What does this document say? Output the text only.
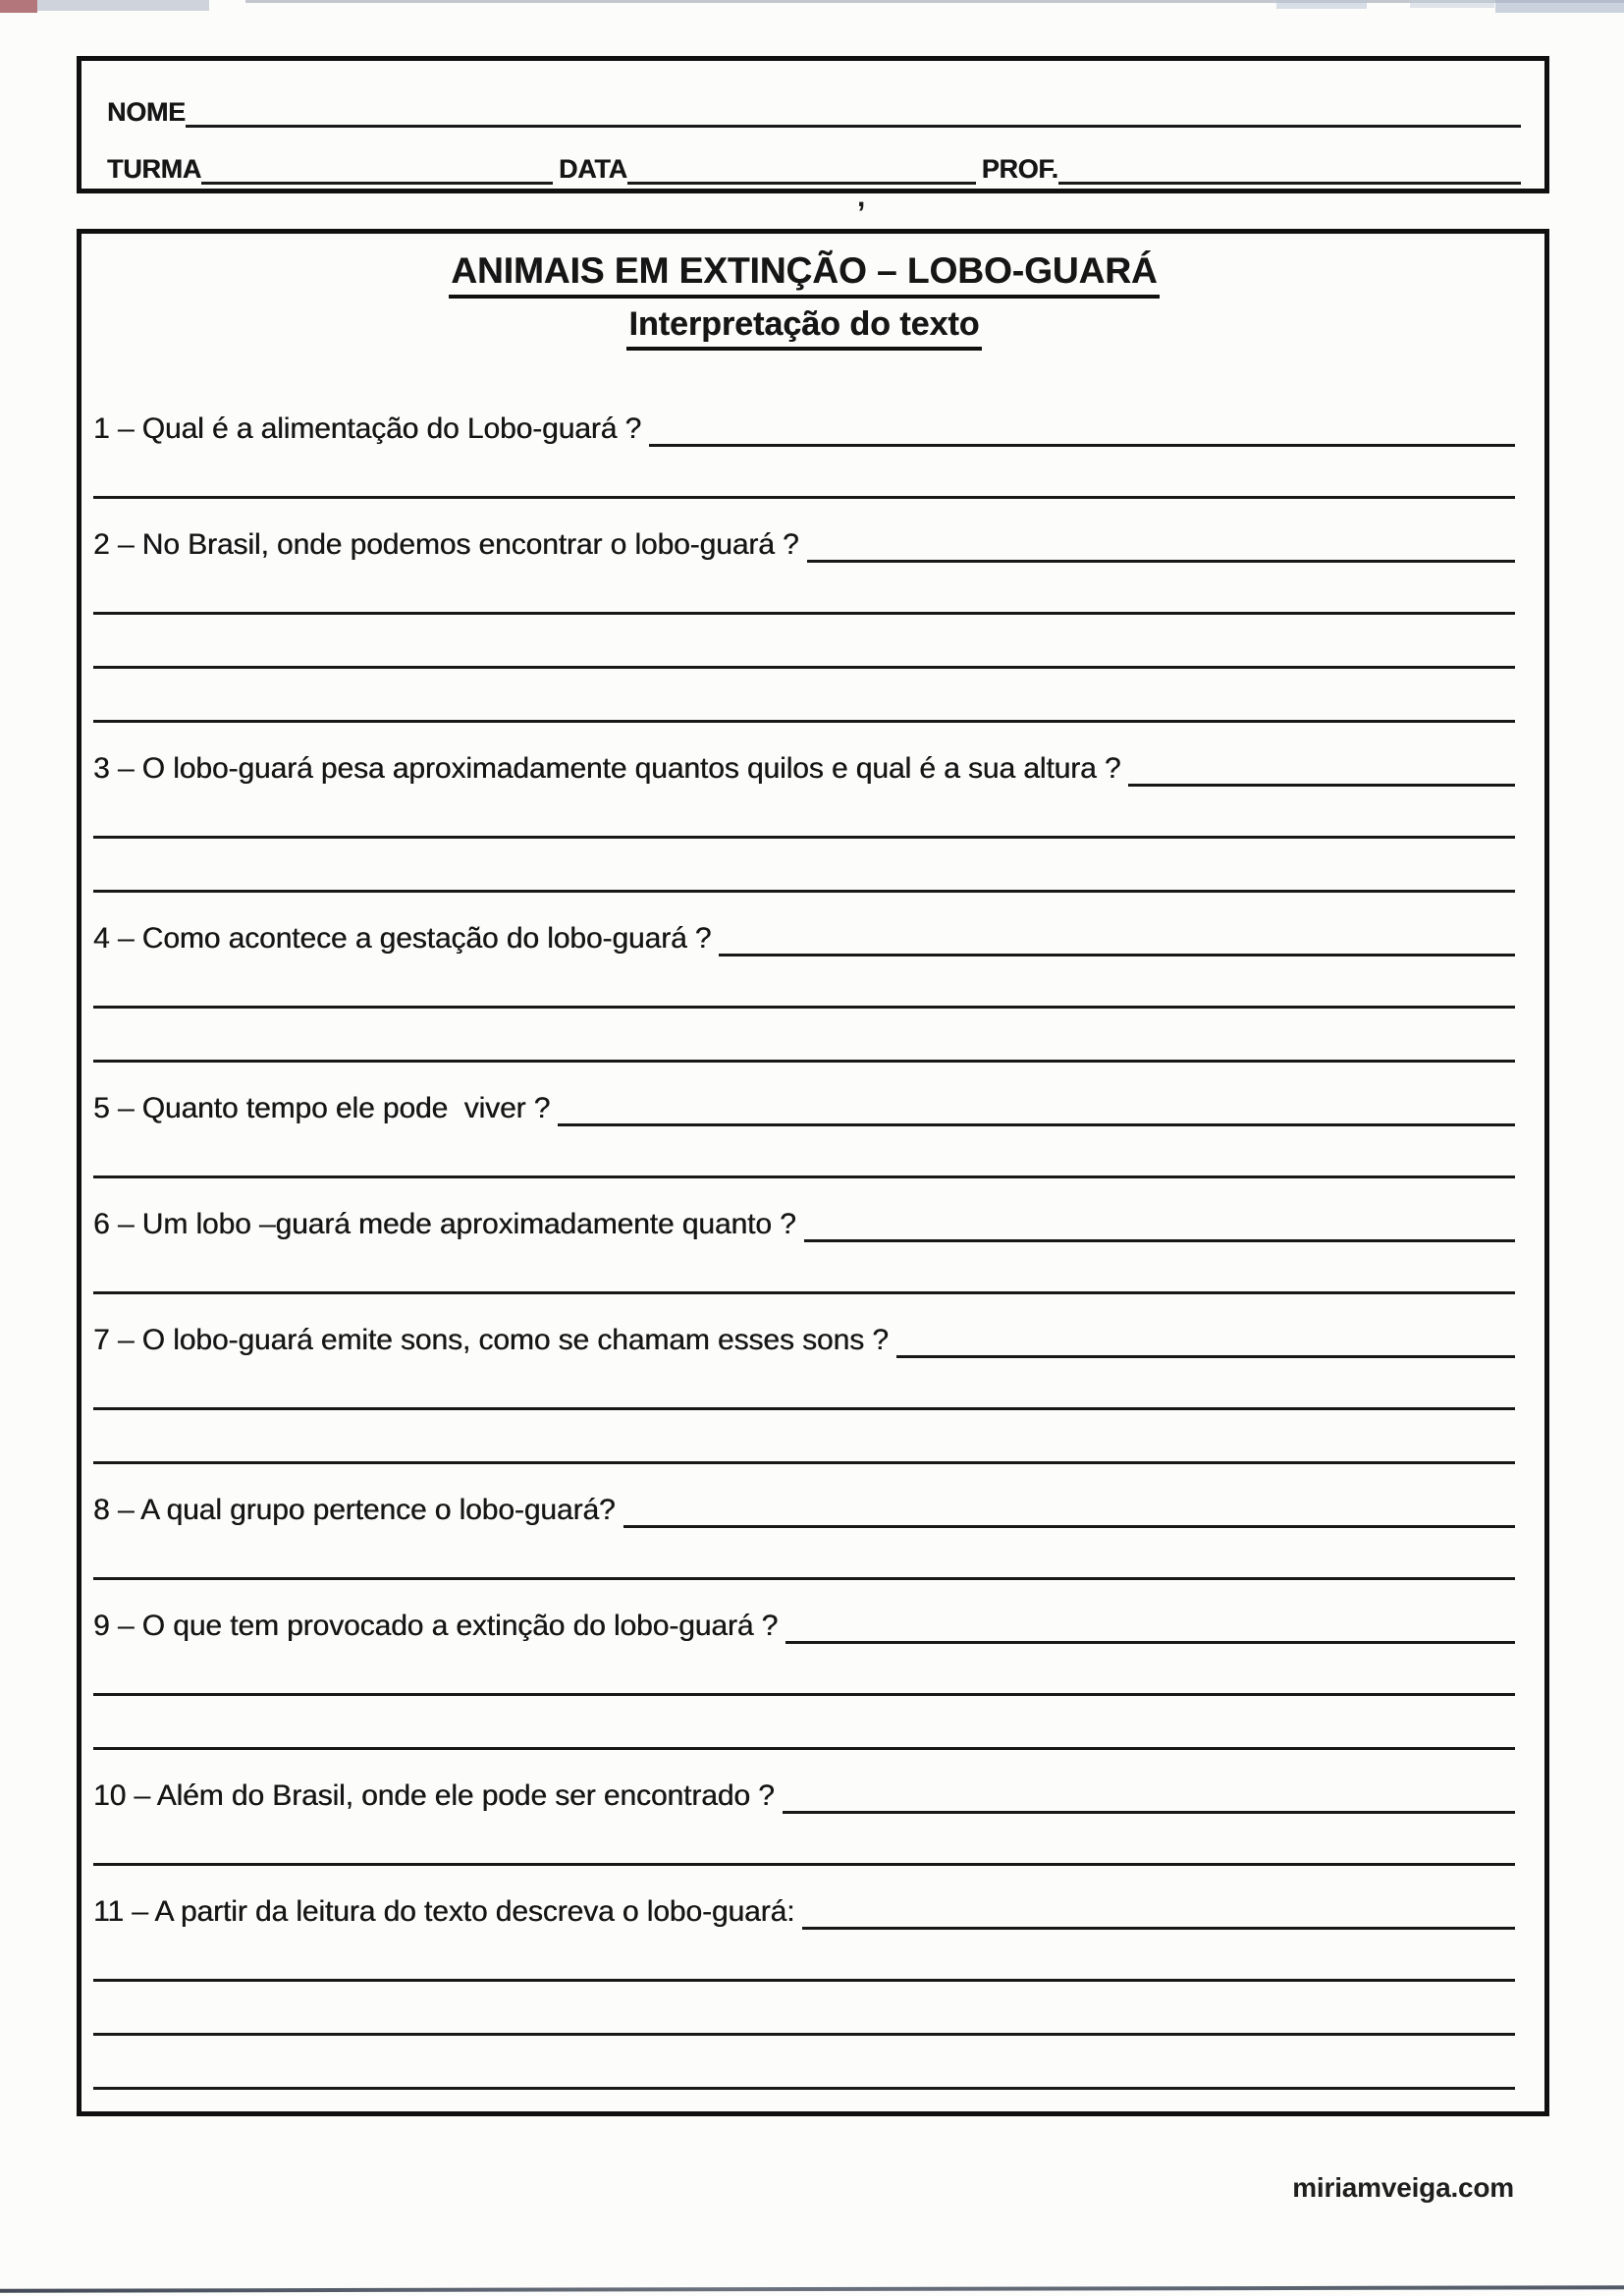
NOME
TURMA	DATA	PROF.
,
ANIMAIS EM EXTINÇÃO – LOBO-GUARÁ
Interpretação do texto
1 – Qual é a alimentação do Lobo-guará ?
2 – No Brasil, onde podemos encontrar o lobo-guará ?
3 – O lobo-guará pesa aproximadamente quantos quilos e qual é a sua altura ?
4 – Como acontece a gestação do lobo-guará ?
5 – Quanto tempo ele pode  viver ?
6 – Um lobo –guará mede aproximadamente quanto ?
7 – O lobo-guará emite sons, como se chamam esses sons ?
8 – A qual grupo pertence o lobo-guará?
9 – O que tem provocado a extinção do lobo-guará ?
10 – Além do Brasil, onde ele pode ser encontrado ?
11 – A partir da leitura do texto descreva o lobo-guará:
miriamveiga.com
